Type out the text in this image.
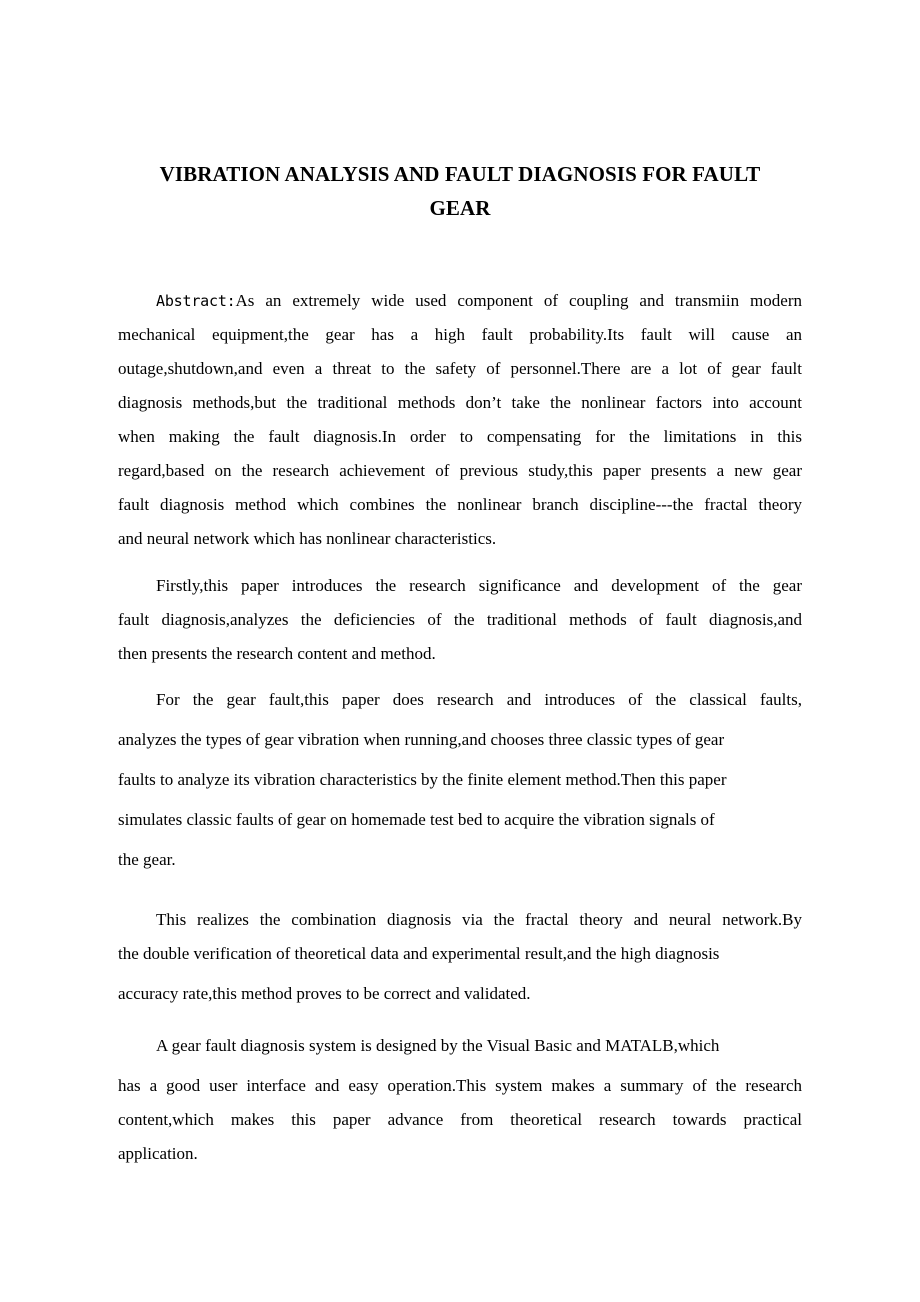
VIBRATION ANALYSIS AND FAULT DIAGNOSIS FOR FAULT
GEAR
Abstract:As an extremely wide used component of coupling and transmiin modern
mechanical equipment,the gear has a high fault probability.Its fault will cause an
outage,shutdown,and even a threat to the safety of personnel.There are a lot of gear fault
diagnosis methods,but the traditional methods don’t take the nonlinear factors into account
when making the fault diagnosis.In order to compensating for the limitations in this
regard,based on the research achievement of previous study,this paper presents a new gear
fault diagnosis method which combines the nonlinear branch discipline---the fractal theory
and neural network which has nonlinear characteristics.
Firstly,this paper introduces the research significance and development of the gear
fault diagnosis,analyzes the deficiencies of the traditional methods of fault diagnosis,and
then presents the research content and method.
For the gear fault,this paper does research and introduces of the classical faults,
analyzes the types of gear vibration when running,and chooses three classic types of gear
faults to analyze its vibration characteristics by the finite element method.Then this paper
simulates classic faults of gear on homemade test bed to acquire the vibration signals of
the gear.
This realizes the combination diagnosis via the fractal theory and neural network.By
the double verification of theoretical data and experimental result,and the high diagnosis
accuracy rate,this method proves to be correct and validated.
A gear fault diagnosis system is designed by the Visual Basic and MATALB,which
has a good user interface and easy operation.This system makes a summary of the research
content,which makes this paper advance from theoretical research towards practical
application.
